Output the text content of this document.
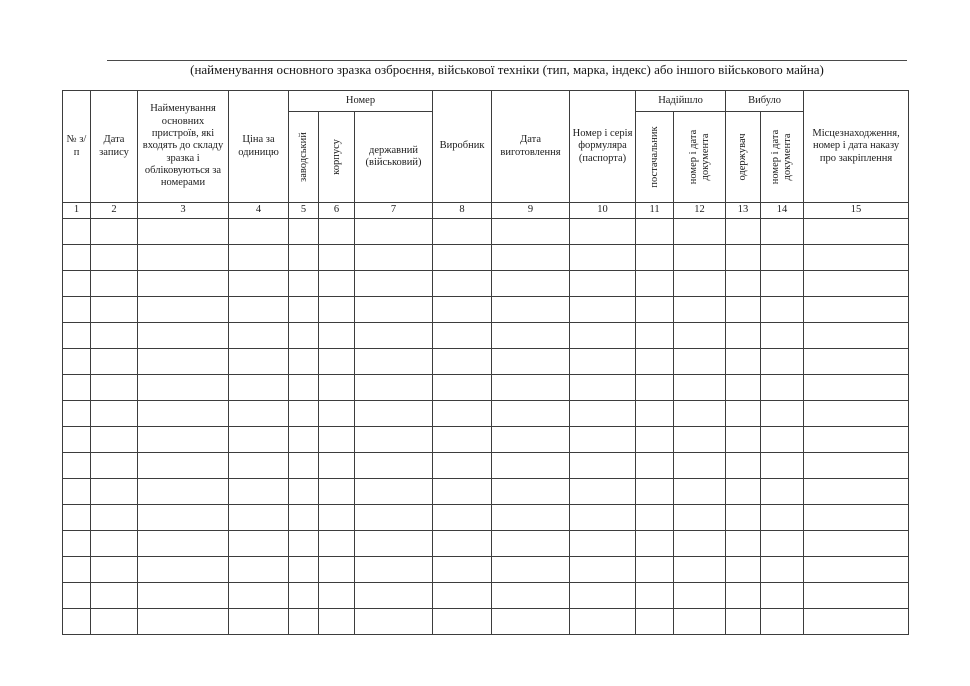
(найменування основного зразка озброєння, військової техніки (тип, марка, індекс) або іншого військового майна)
№ з/п	Дата запису	Найменування основних пристроїв, які входять до складу зразка і обліковуються за номерами	Ціна за одиницю	Номер			Виробник	Дата виготовлення	Номер і серія формуляра (паспорта)	Надійшло		Вибуло		Місцезнаходження, номер і дата наказу про закріплення

				заводський	корпусу	державний (військовий)				постачальник	номер і дата документа	одержувач	номер і дата документа	

1	2	3	4	5	6	7	8	9	10	11	12	13	14	15
